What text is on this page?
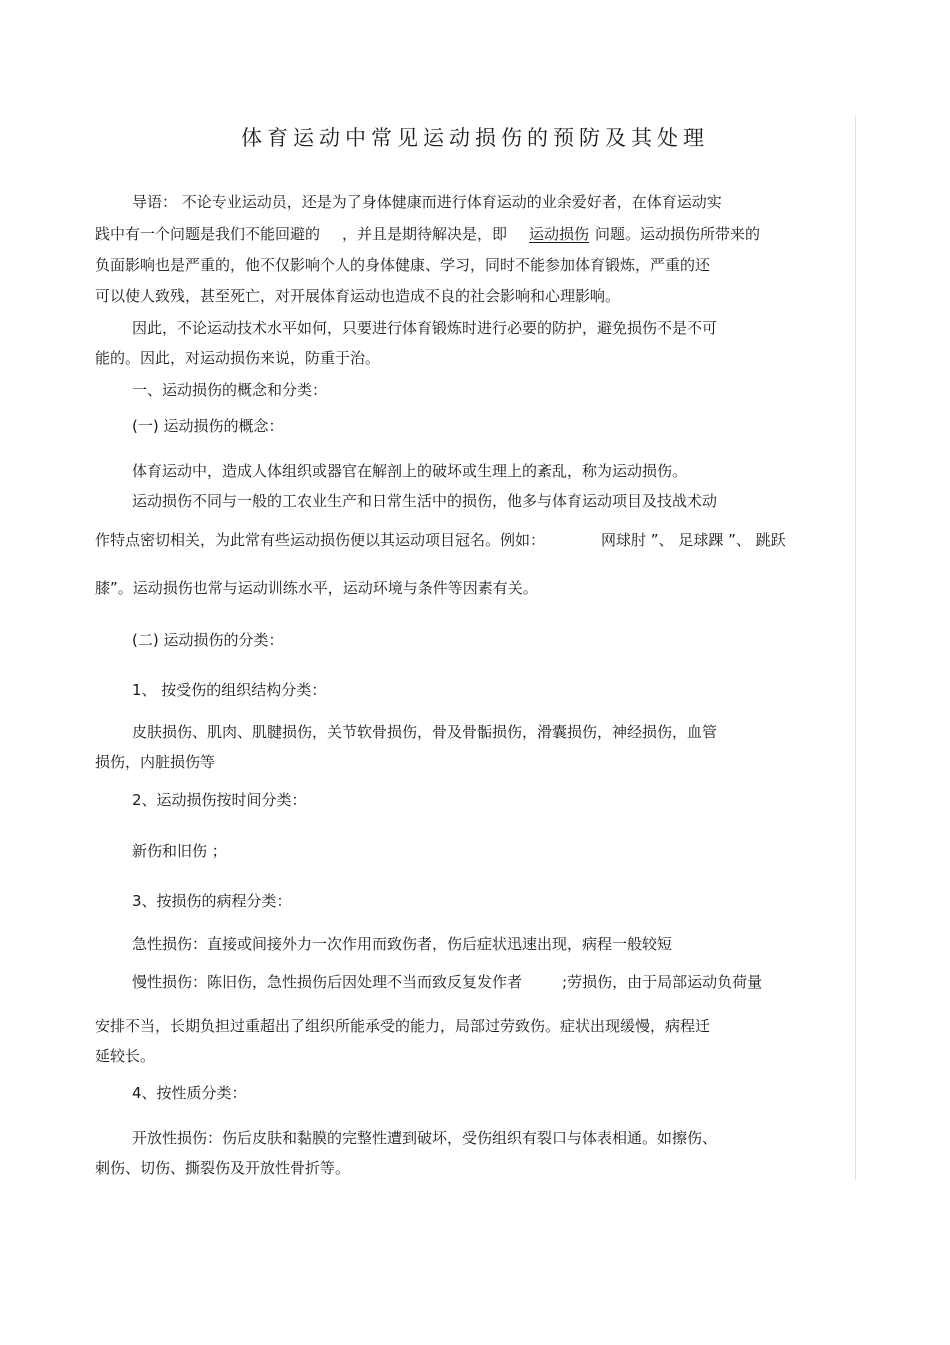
体育运动中常见运动损伤的预防及其处理
导语： 不论专业运动员，还是为了身体健康而进行体育运动的业余爱好者，在体育运动实
践中有一个问题是我们不能回避的 ，并且是期待解决是，即 运动损伤 问题。运动损伤所带来的
负面影响也是严重的，他不仅影响个人的身体健康、学习，同时不能参加体育锻炼，严重的还
可以使人致残，甚至死亡，对开展体育运动也造成不良的社会影响和心理影响。
因此，不论运动技术水平如何，只要进行体育锻炼时进行必要的防护，避免损伤不是不可
能的。因此，对运动损伤来说，防重于治。
一、运动损伤的概念和分类：
(一) 运动损伤的概念：
体育运动中，造成人体组织或器官在解剖上的破坏或生理上的紊乱，称为运动损伤。
运动损伤不同与一般的工农业生产和日常生活中的损伤，他多与体育运动项目及技战术动
作特点密切相关，为此常有些运动损伤便以其运动项目冠名。例如：	网球肘 ”、 足球踝 ”、 跳跃
膝”。运动损伤也常与运动训练水平，运动环境与条件等因素有关。
(二) 运动损伤的分类：
1、 按受伤的组织结构分类：
皮肤损伤、肌肉、肌腱损伤，关节软骨损伤，骨及骨骺损伤，滑囊损伤，神经损伤，血管
损伤，内脏损伤等
2、运动损伤按时间分类：
新伤和旧伤 ；
3、按损伤的病程分类：
急性损伤：直接或间接外力一次作用而致伤者，伤后症状迅速出现，病程一般较短
慢性损伤：陈旧伤，急性损伤后因处理不当而致反复发作者	;劳损伤，由于局部运动负荷量
安排不当，长期负担过重超出了组织所能承受的能力，局部过劳致伤。症状出现缓慢，病程迁
延较长。
4、按性质分类：
开放性损伤：伤后皮肤和黏膜的完整性遭到破坏，受伤组织有裂口与体表相通。如擦伤、
刺伤、切伤、撕裂伤及开放性骨折等。
